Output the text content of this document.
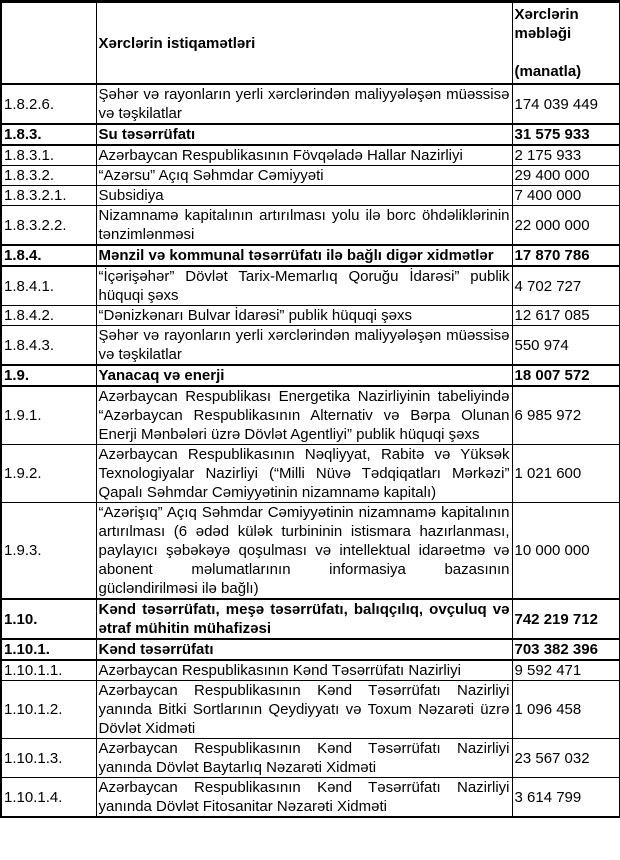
	Xərclərin istiqamətləri	Xərclərin məbləği
(manatla)

1.8.2.6.	Şəhər və rayonların yerli xərclərindən maliyyələşən müəssisə və təşkilatlar	174 039 449
1.8.3.	Su təsərrüfatı	31 575 933
1.8.3.1.	Azərbaycan Respublikasının Fövqəladə Hallar Nazirliyi	2 175 933
1.8.3.2.	“Azərsu” Açıq Səhmdar Cəmiyyəti	29 400 000
1.8.3.2.1.	Subsidiya	7 400 000
1.8.3.2.2.	Nizamnamə kapitalının artırılması yolu ilə borc öhdəliklərinin tənzimlənməsi	22 000 000
1.8.4.	Mənzil və kommunal təsərrüfatı ilə bağlı digər xidmətlər	17 870 786
1.8.4.1.	“İçərişəhər” Dövlət Tarix-Memarlıq Qoruğu İdarəsi” publik hüquqi şəxs	4 702 727
1.8.4.2.	“Dənizkənarı Bulvar İdarəsi” publik hüquqi şəxs	12 617 085
1.8.4.3.	Şəhər və rayonların yerli xərclərindən maliyyələşən müəssisə və təşkilatlar	550 974
1.9.	Yanacaq və enerji	18 007 572
1.9.1.	Azərbaycan Respublikası Energetika Nazirliyinin tabeliyində “Azərbaycan Respublikasının Alternativ və Bərpa Olunan Enerji Mənbələri üzrə Dövlət Agentliyi” publik hüquqi şəxs	6 985 972
1.9.2.	Azərbaycan Respublikasının Nəqliyyat, Rabitə və Yüksək Texnologiyalar Nazirliyi (“Milli Nüvə Tədqiqatları Mərkəzi” Qapalı Səhmdar Cəmiyyətinin nizamnamə kapitalı)	1 021 600
1.9.3.	“Azərişıq” Açıq Səhmdar Cəmiyyətinin nizamnamə kapitalının artırılması (6 ədəd külək turbininin istismara hazırlanması, paylayıcı şəbəkəyə qoşulması və intellektual idarəetmə və abonent məlumatlarının informasiya bazasının gücləndirilməsi ilə bağlı)	10 000 000
1.10.	Kənd təsərrüfatı, meşə təsərrüfatı, balıqçılıq, ovçuluq və ətraf mühitin mühafizəsi	742 219 712
1.10.1.	Kənd təsərrüfatı	703 382 396
1.10.1.1.	Azərbaycan Respublikasının Kənd Təsərrüfatı Nazirliyi	9 592 471
1.10.1.2.	Azərbaycan Respublikasının Kənd Təsərrüfatı Nazirliyi yanında Bitki Sortlarının Qeydiyyatı və Toxum Nəzarəti üzrə Dövlət Xidməti	1 096 458
1.10.1.3.	Azərbaycan Respublikasının Kənd Təsərrüfatı Nazirliyi yanında Dövlət Baytarlıq Nəzarəti Xidməti	23 567 032
1.10.1.4.	Azərbaycan Respublikasının Kənd Təsərrüfatı Nazirliyi yanında Dövlət Fitosanitar Nəzarəti Xidməti	3 614 799
